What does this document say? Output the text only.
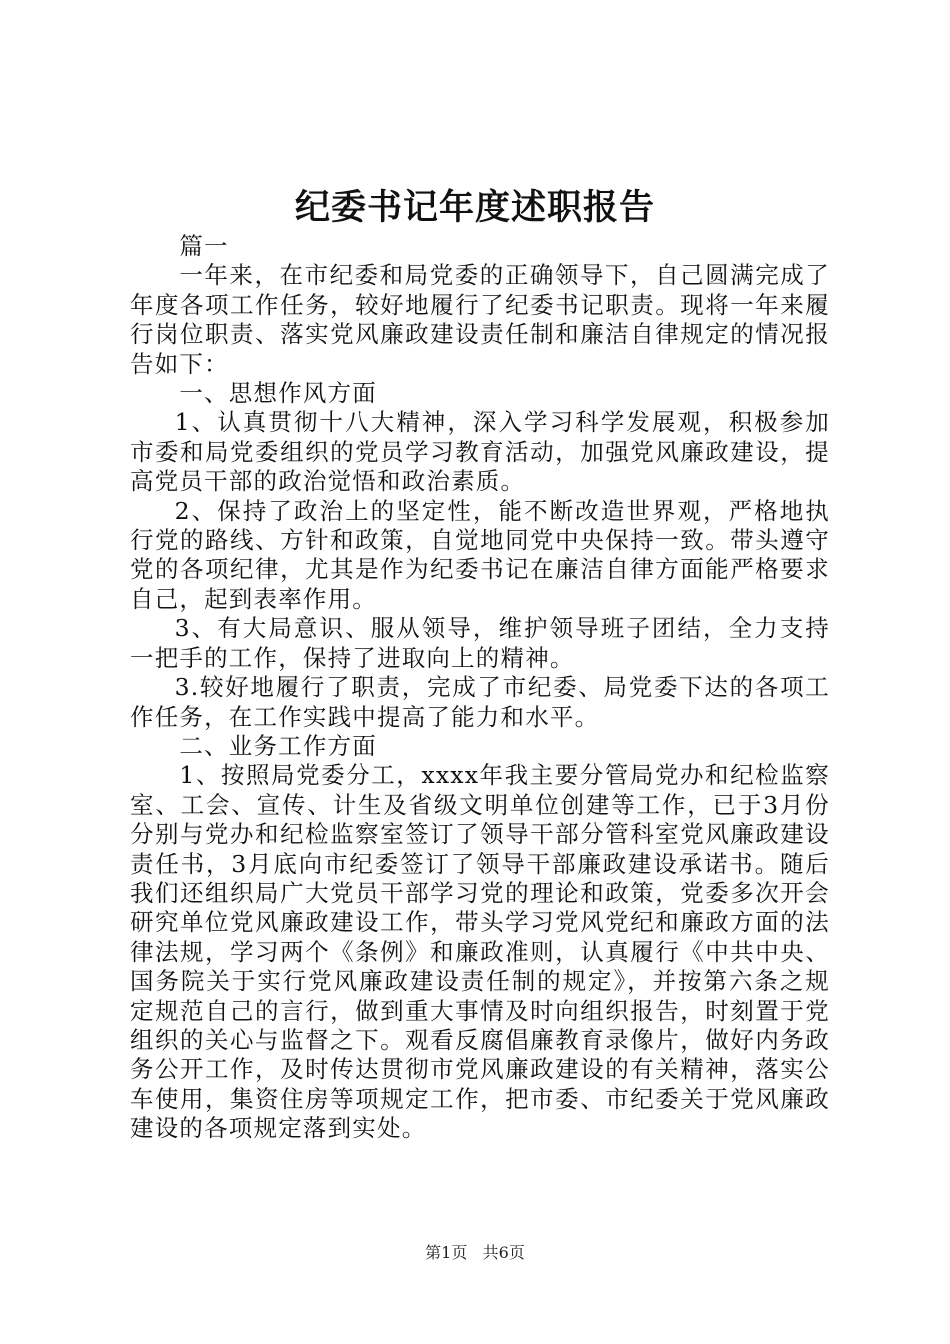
纪委书记年度述职报告

篇一

一年来，在市纪委和局党委的正确领导下，自己圆满完成了年度各项工作任务，较好地履行了纪委书记职责。现将一年来履行岗位职责、落实党风廉政建设责任制和廉洁自律规定的情况报告如下：

一、思想作风方面

1、认真贯彻十八大精神，深入学习科学发展观，积极参加市委和局党委组织的党员学习教育活动，加强党风廉政建设，提高党员干部的政治觉悟和政治素质。

2、保持了政治上的坚定性，能不断改造世界观，严格地执行党的路线、方针和政策，自觉地同党中央保持一致。带头遵守党的各项纪律，尤其是作为纪委书记在廉洁自律方面能严格要求自己，起到表率作用。

3、有大局意识、服从领导，维护领导班子团结，全力支持一把手的工作，保持了进取向上的精神。

3.较好地履行了职责，完成了市纪委、局党委下达的各项工作任务，在工作实践中提高了能力和水平。

二、业务工作方面

1、按照局党委分工，xxxx年我主要分管局党办和纪检监察室、工会、宣传、计生及省级文明单位创建等工作，已于3月份分别与党办和纪检监察室签订了领导干部分管科室党风廉政建设责任书，3月底向市纪委签订了领导干部廉政建设承诺书。随后我们还组织局广大党员干部学习党的理论和政策，党委多次开会研究单位党风廉政建设工作，带头学习党风党纪和廉政方面的法律法规，学习两个《条例》和廉政准则，认真履行《中共中央、国务院关于实行党风廉政建设责任制的规定》，并按第六条之规定规范自己的言行，做到重大事情及时向组织报告，时刻置于党组织的关心与监督之下。观看反腐倡廉教育录像片，做好内务政务公开工作，及时传达贯彻市党风廉政建设的有关精神，落实公车使用，集资住房等项规定工作，把市委、市纪委关于党风廉政建设的各项规定落到实处。

第1页 共6页
